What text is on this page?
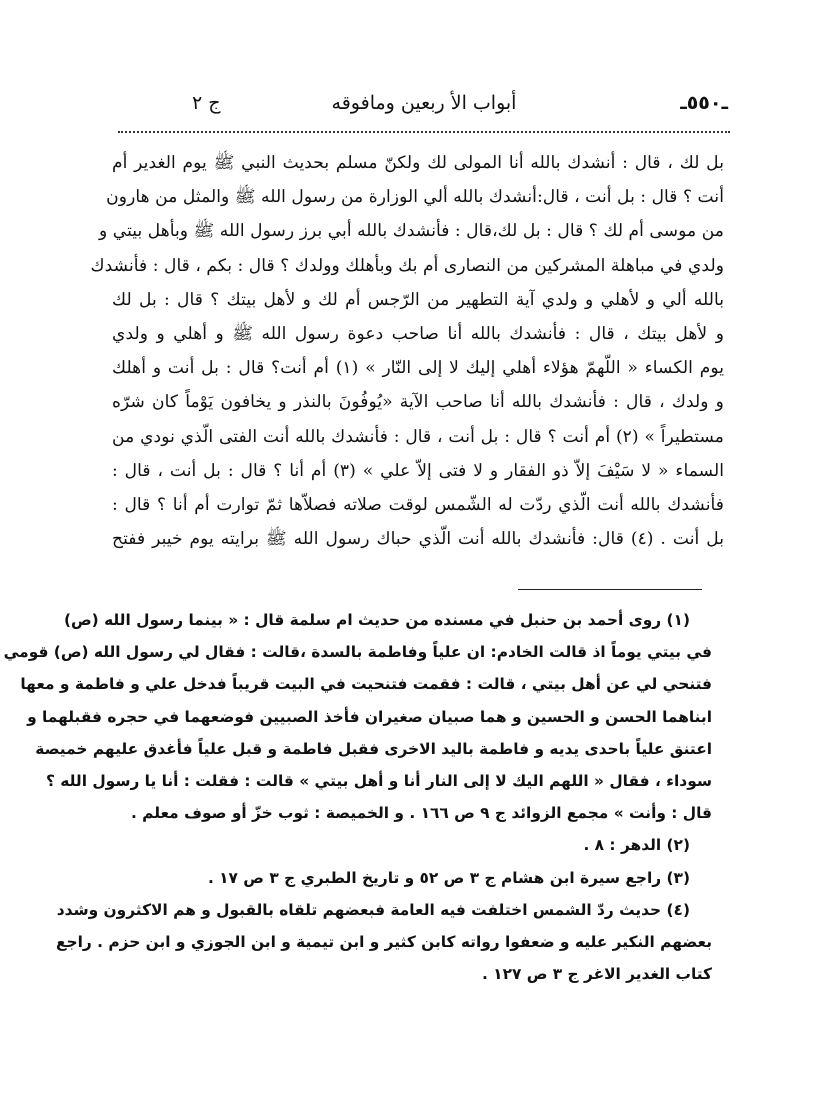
ـ٥٥٠ـ
أبواب الأ ربعين ومافوقه
ج ٢
بل لك ، قال : أنشدك بالله أنا المولى لك ولكنّ مسلم بحديث النبي ﷺ يوم الغدير أم
أنت ؟ قال : بل أنت ، قال:أنشدك بالله ألي الوزارة من رسول الله ﷺ والمثل من هارون
من موسى أم لك ؟ قال : بل لك،قال : فأنشدك بالله أبي برز رسول الله ﷺ وبأهل بيتي و
ولدي في مباهلة المشركين من النصارى أم بك وبأهلك وولدك ؟ قال : بكم ، قال : فأنشدك
بالله ألي و لأهلي و ولدي آية التطهير من الرّجس أم لك و لأهل بيتك ؟ قال : بل لك
و لأهل بيتك ، قال : فأنشدك بالله أنا صاحب دعوة رسول الله ﷺ و أهلي و ولدي
يوم الكساء « اللّهمّ هؤلاء أهلي إليك لا إلى النّار » (١) أم أنت؟ قال : بل أنت و أهلك
و ولدك ، قال : فأنشدك بالله أنا صاحب الآية «يُوفُونَ بالنذر و يخافون يَوْماً كان شرّه
مستطيراً » (٢) أم أنت ؟ قال : بل أنت ، قال : فأنشدك بالله أنت الفتى الّذي نودي من
السماء « لا سَيْفَ إلاّ ذو الفقار و لا فتى إلاّ علي » (٣) أم أنا ؟ قال : بل أنت ، قال :
فأنشدك بالله أنت الّذي ردّت له الشّمس لوقت صلاته فصلاّها ثمّ توارت أم أنا ؟ قال :
بل أنت . (٤) قال: فأنشدك بالله أنت الّذي حباك رسول الله ﷺ برايته يوم خيبر ففتح
(١) روى أحمد بن حنبل في مسنده من حديث ام سلمة قال : « بينما رسول الله (ص)
في بيتي يوماً اذ قالت الخادم: ان علياً وفاطمة بالسدة ،قالت : فقال لي رسول الله (ص) قومي
فتنحي لي عن أهل بيتي ، قالت : فقمت فتنحيت في البيت قريباً فدخل علي و فاطمة و معها
ابناهما الحسن و الحسين و هما صبيان صغيران فأخذ الصبيين فوضعهما في حجره فقبلهما و
اعتنق علياً باحدى يديه و فاطمة باليد الاخرى فقبل فاطمة و قبل علياً فأغدق عليهم خميصة
سوداء ، فقال « اللهم اليك لا إلى النار أنا و أهل بيتي » قالت : فقلت : أنا يا رسول الله ؟
قال : وأنت » مجمع الزوائد ج ٩ ص ١٦٦ . و الخميصة : ثوب خزّ أو صوف معلم .
(٢) الدهر : ٨ .
(٣) راجع سيرة ابن هشام ج ٣ ص ٥٢ و تاريخ الطبري ج ٣ ص ١٧ .
(٤) حديث ردّ الشمس اختلفت فيه العامة فبعضهم تلقاه بالقبول و هم الاكثرون وشدد
بعضهم النكير عليه و ضعفوا رواته كابن كثير و ابن تيمية و ابن الجوزي و ابن حزم . راجع
كتاب الغدير الاغر ج ٣ ص ١٢٧ .
